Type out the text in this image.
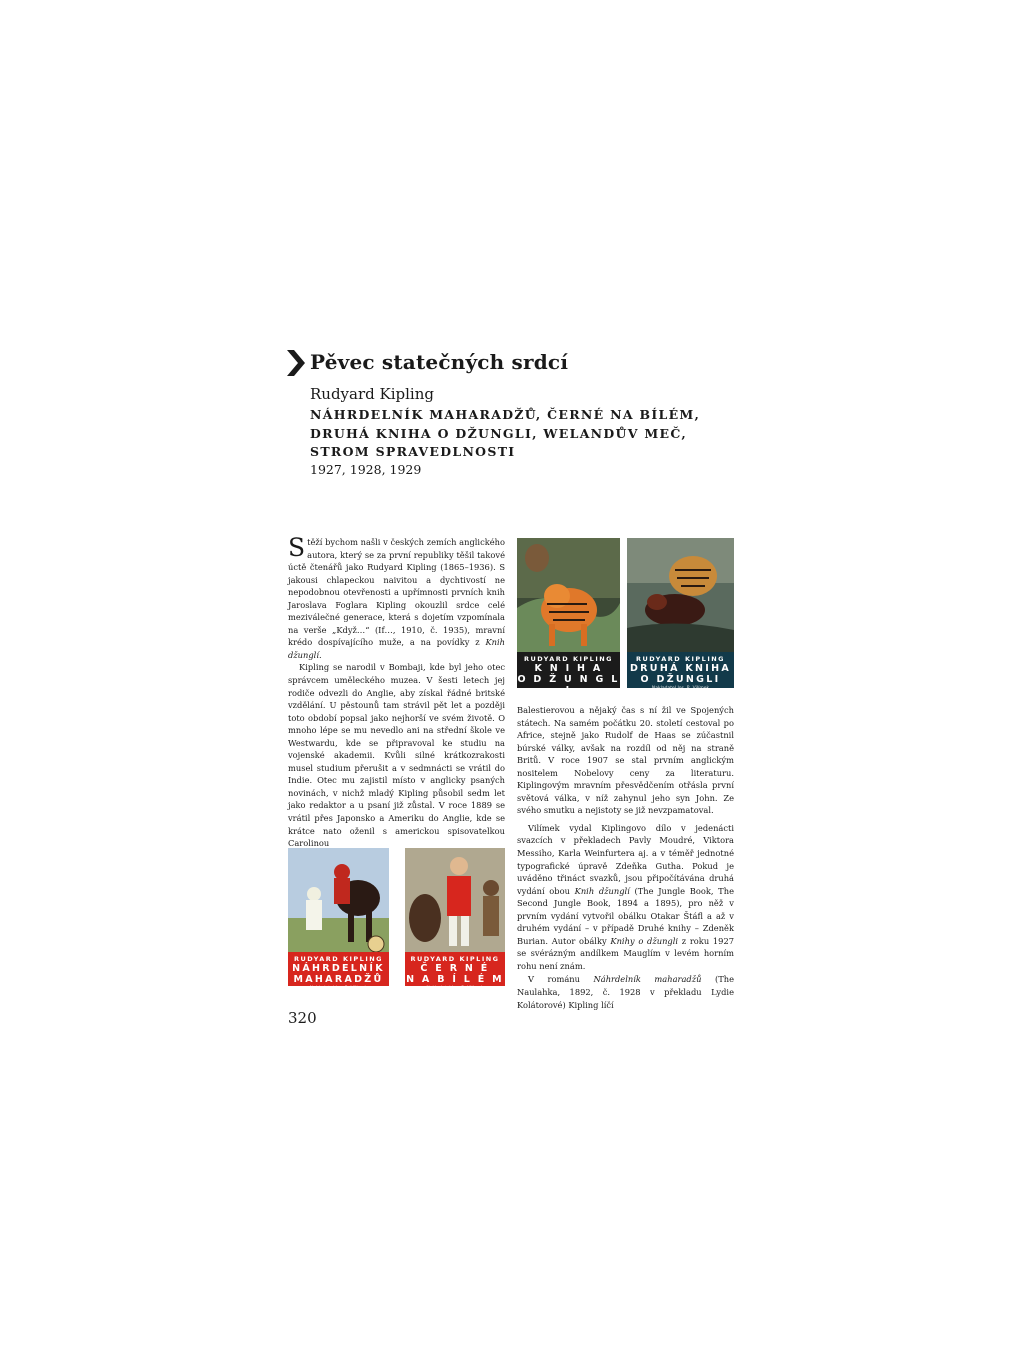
Pěvec statečných srdcí
Rudyard Kipling
NÁHRDELNÍK MAHARADŽŮ, ČERNÉ NA BÍLÉM,
DRUHÁ KNIHA O DŽUNGLI, WELANDŮV MEČ,
STROM SPRAVEDLNOSTI
1927, 1928, 1929

Stěží bychom našli v českých zemích anglického autora, který se za první republiky těšil takové úctě čtenářů jako Rudyard Kipling (1865–1936). S jakousi chlapeckou naivitou a dychtivostí ne nepodobnou otevřenosti a upřímnosti prvních knih Jaroslava Foglara Kipling okouzlil srdce celé meziválečné generace, která s dojetím vzpomínala na verše „Když…“ (If…, 1910, č. 1935), mravní krédo dospívajícího muže, a na povídky z Knih džunglí.

Kipling se narodil v Bombaji, kde byl jeho otec správcem uměleckého muzea. V šesti letech jej rodiče odvezli do Anglie, aby získal řádné britské vzdělání. U pěstounů tam strávil pět let a později toto období popsal jako nejhorší ve svém životě. O mnoho lépe se mu nevedlo ani na střední škole ve Westwardu, kde se připravoval ke studiu na vojenské akademii. Kvůli silné krátkozrakosti musel studium přerušit a v sedmnácti se vrátil do Indie. Otec mu zajistil místo v anglicky psaných novinách, v nichž mladý Kipling působil sedm let jako redaktor a u psaní již zůstal. V roce 1889 se vrátil přes Japonsko a Ameriku do Anglie, kde se krátce nato oženil s americkou spisovatelkou Carolinou

Balestierovou a nějaký čas s ní žil ve Spojených státech. Na samém počátku 20. století cestoval po Africe, stejně jako Rudolf de Haas se zúčastnil búrské války, avšak na rozdíl od něj na straně Britů. V roce 1907 se stal prvním anglickým nositelem Nobelovy ceny za literaturu. Kiplingovým mravním přesvědčením otřásla první světová válka, v níž zahynul jeho syn John. Ze svého smutku a nejistoty se již nevzpamatoval.

Vilímek vydal Kiplingovo dílo v jedenácti svazcích v překladech Pavly Moudré, Viktora Messiho, Karla Weinfurtera aj. a v téměř jednotné typografické úpravě Zdeňka Gutha. Pokud je uváděno třináct svazků, jsou připočítávána druhá vydání obou Knih džunglí (The Jungle Book, The Second Jungle Book, 1894 a 1895), pro něž v prvním vydání vytvořil obálku Otakar Štáfl a až v druhém vydání – v případě Druhé knihy – Zdeněk Burian. Autor obálky Knihy o džungli z roku 1927 se svérázným andílkem Mauglím v levém horním rohu není znám.

V románu Náhrdelník maharadžů (The Naulahka, 1892, č. 1928 v překladu Lydie Kolátorové) Kipling líčí

RUDYARD KIPLING
K N I H A
O D Ž U N G L I
Nakladatel Jos. R. Vilímek
RUDYARD KIPLING
DRUHÁ KNIHA
O DŽUNGLI
Nakladatel Jos. R. Vilímek
RUDYARD KIPLING
NÁHRDELNÍK
MAHARADŽŮ
Nakladatel Jos. R. Vilímek
RUDYARD KIPLING
Č E R N É
N A B Í L É M
Nakladatel Jos. R. Vilímek
320
